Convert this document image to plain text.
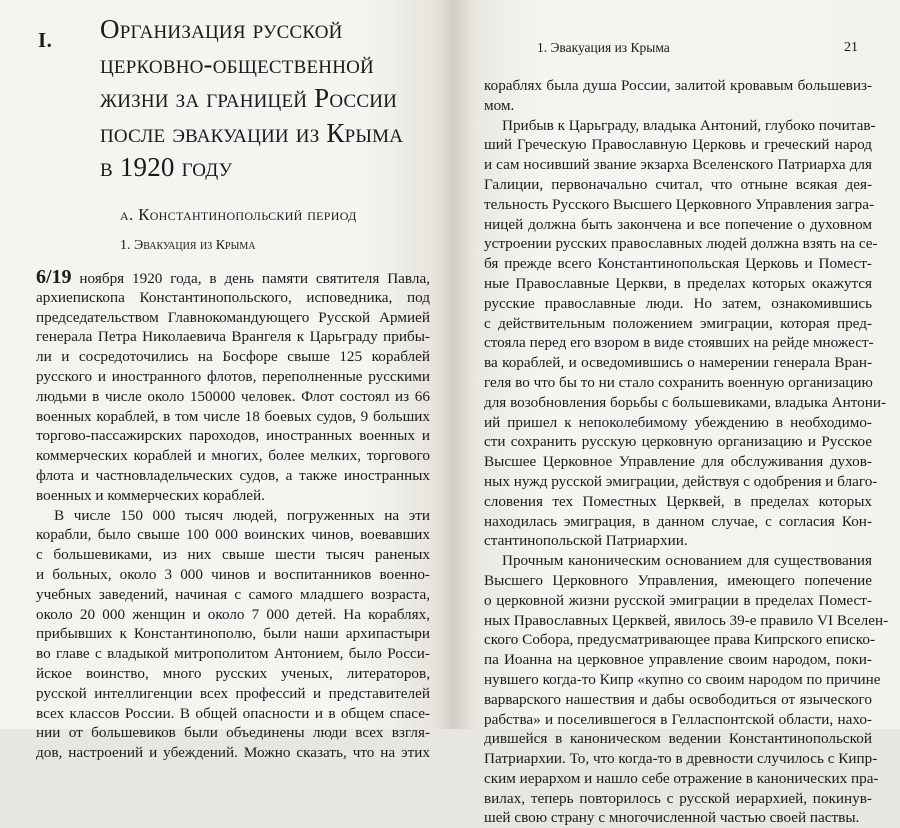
I. Организация русской
церковно-общественной
жизни за границей России
после эвакуации из Крыма
в 1920 году
а. Константинопольский период
1. Эвакуация из Крыма
6/19 ноября 1920 года, в день памяти святителя Павла,
архиепископа Константинопольского, исповедника, под
председательством Главнокомандующего Русской Армией
генерала Петра Николаевича Врангеля к Царьграду прибы-
ли и сосредоточились на Босфоре свыше 125 кораблей
русского и иностранного флотов, переполненные русскими
людьми в числе около 150000 человек. Флот состоял из 66
военных кораблей, в том числе 18 боевых судов, 9 больших
торгово-пассажирских пароходов, иностранных военных и
коммерческих кораблей и многих, более мелких, торгового
флота и частновладельческих судов, а также иностранных
военных и коммерческих кораблей.
В числе 150 000 тысяч людей, погруженных на эти
корабли, было свыше 100 000 воинских чинов, воевавших
с большевиками, из них свыше шести тысяч раненых
и больных, около 3 000 чинов и воспитанников военно-
учебных заведений, начиная с самого младшего возраста,
около 20 000 женщин и около 7 000 детей. На кораблях,
прибывших к Константинополю, были наши архипастыри
во главе с владыкой митрополитом Антонием, было Росси-
йское воинство, много русских ученых, литераторов,
русской интеллигенции всех профессий и представителей
всех классов России. В общей опасности и в общем спасе-
нии от большевиков были объединены люди всех взгля-
дов, настроений и убеждений. Можно сказать, что на этих
1. Эвакуация из Крыма	21
кораблях была душа России, залитой кровавым большевиз-
мом.
Прибыв к Царьграду, владыка Антоний, глубоко почитав-
ший Греческую Православную Церковь и греческий народ
и сам носивший звание экзарха Вселенского Патриарха для
Галиции, первоначально считал, что отныне всякая дея-
тельность Русского Высшего Церковного Управления загра-
ницей должна быть закончена и все попечение о духовном
устроении русских православных людей должна взять на се-
бя прежде всего Константинопольская Церковь и Помест-
ные Православные Церкви, в пределах которых окажутся
русские православные люди. Но затем, ознакомившись
с действительным положением эмиграции, которая пред-
стояла перед его взором в виде стоявших на рейде множест-
ва кораблей, и осведомившись о намерении генерала Вран-
геля во что бы то ни стало сохранить военную организацию
для возобновления борьбы с большевиками, владыка Антони-
ий пришел к непоколебимому убеждению в необходимо-
сти сохранить русскую церковную организацию и Русское
Высшее Церковное Управление для обслуживания духов-
ных нужд русской эмиграции, действуя с одобрения и благо-
словения тех Поместных Церквей, в пределах которых
находилась эмиграция, в данном случае, с согласия Кон-
стантинопольской Патриархии.
Прочным каноническим основанием для существования
Высшего Церковного Управления, имеющего попечение
о церковной жизни русской эмиграции в пределах Помест-
ных Православных Церквей, явилось 39-е правило VI Вселен-
ского Собора, предусматривающее права Кипрского еписко-
па Иоанна на церковное управление своим народом, поки-
нувшего когда-то Кипр «купно со своим народом по причине
варварского нашествия и дабы освободиться от языческого
рабства» и поселившегося в Геллаcпонтской области, нахо-
дившейся в каноническом ведении Константинопольской
Патриархии. То, что когда-то в древности случилось с Кипр-
ским иерархом и нашло себе отражение в канонических пра-
вилах, теперь повторилось с русской иерархией, покинув-
шей свою страну с многочисленной частью своей паствы.
